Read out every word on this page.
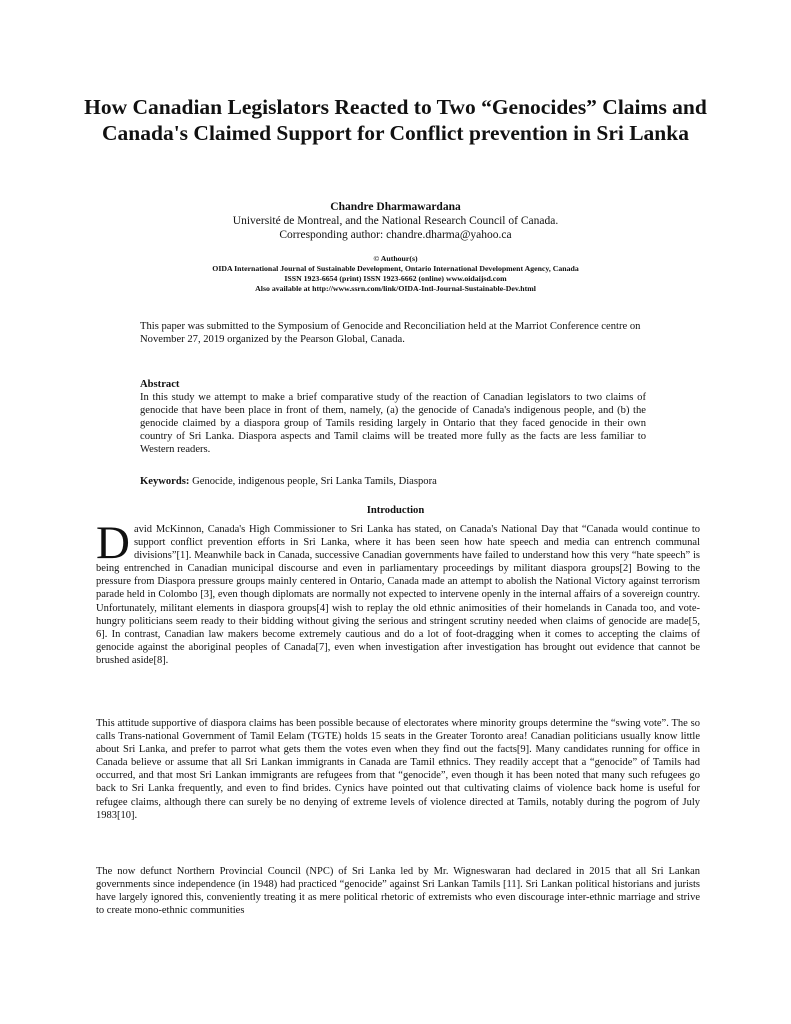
How Canadian Legislators Reacted to Two “Genocides” Claims and Canada's Claimed Support for Conflict prevention in Sri Lanka
Chandre Dharmawardana
Université de Montreal, and the National Research Council of Canada.
Corresponding author: chandre.dharma@yahoo.ca
© Authour(s)
OIDA International Journal of Sustainable Development, Ontario International Development Agency, Canada
ISSN 1923-6654 (print) ISSN 1923-6662 (online) www.oidaijsd.com
Also available at http://www.ssrn.com/link/OIDA-Intl-Journal-Sustainable-Dev.html
This paper was submitted to the Symposium of Genocide and Reconciliation held at the Marriot Conference centre on November 27, 2019 organized by the Pearson Global, Canada.
Abstract
In this study we attempt to make a brief comparative study of the reaction of Canadian legislators to two claims of genocide that have been place in front of them, namely, (a) the genocide of Canada's indigenous people, and (b) the genocide claimed by a diaspora group of Tamils residing largely in Ontario that they faced genocide in their own country of Sri Lanka. Diaspora aspects and Tamil claims will be treated more fully as the facts are less familiar to Western readers.
Keywords: Genocide, indigenous people, Sri Lanka Tamils, Diaspora
Introduction

David McKinnon, Canada's High Commissioner to Sri Lanka has stated, on Canada's National Day that “Canada would continue to support conflict prevention efforts in Sri Lanka, where it has been seen how hate speech and media can entrench communal divisions”[1]. Meanwhile back in Canada, successive Canadian governments have failed to understand how this very “hate speech” is being entrenched in Canadian municipal discourse and even in parliamentary proceedings by militant diaspora groups[2] Bowing to the pressure from Diaspora pressure groups mainly centered in Ontario, Canada made an attempt to abolish the National Victory against terrorism parade held in Colombo [3], even though diplomats are normally not expected to intervene openly in the internal affairs of a sovereign country. Unfortunately, militant elements in diaspora groups[4] wish to replay the old ethnic animosities of their homelands in Canada too, and vote-hungry politicians seem ready to their bidding without giving the serious and stringent scrutiny needed when claims of genocide are made[5, 6]. In contrast, Canadian law makers become extremely cautious and do a lot of foot-dragging when it comes to accepting the claims of genocide against the aboriginal peoples of Canada[7], even when investigation after investigation has brought out evidence that cannot be brushed aside[8].

This attitude supportive of diaspora claims has been possible because of electorates where minority groups determine the “swing vote”. The so calls Trans-national Government of Tamil Eelam (TGTE) holds 15 seats in the Greater Toronto area! Canadian politicians usually know little about Sri Lanka, and prefer to parrot what gets them the votes even when they find out the facts[9]. Many candidates running for office in Canada believe or assume that all Sri Lankan immigrants in Canada are Tamil ethnics. They readily accept that a “genocide” of Tamils had occurred, and that most Sri Lankan immigrants are refugees from that “genocide”, even though it has been noted that many such refugees go back to Sri Lanka frequently, and even to find brides. Cynics have pointed out that cultivating claims of violence back home is useful for refugee claims, although there can surely be no denying of extreme levels of violence directed at Tamils, notably during the pogrom of July 1983[10].

The now defunct Northern Provincial Council (NPC) of Sri Lanka led by Mr. Wigneswaran had declared in 2015 that all Sri Lankan governments since independence (in 1948) had practiced “genocide” against Sri Lankan Tamils [11]. Sri Lankan political historians and jurists have largely ignored this, conveniently treating it as mere political rhetoric of extremists who even discourage inter-ethnic marriage and strive to create mono-ethnic communities
